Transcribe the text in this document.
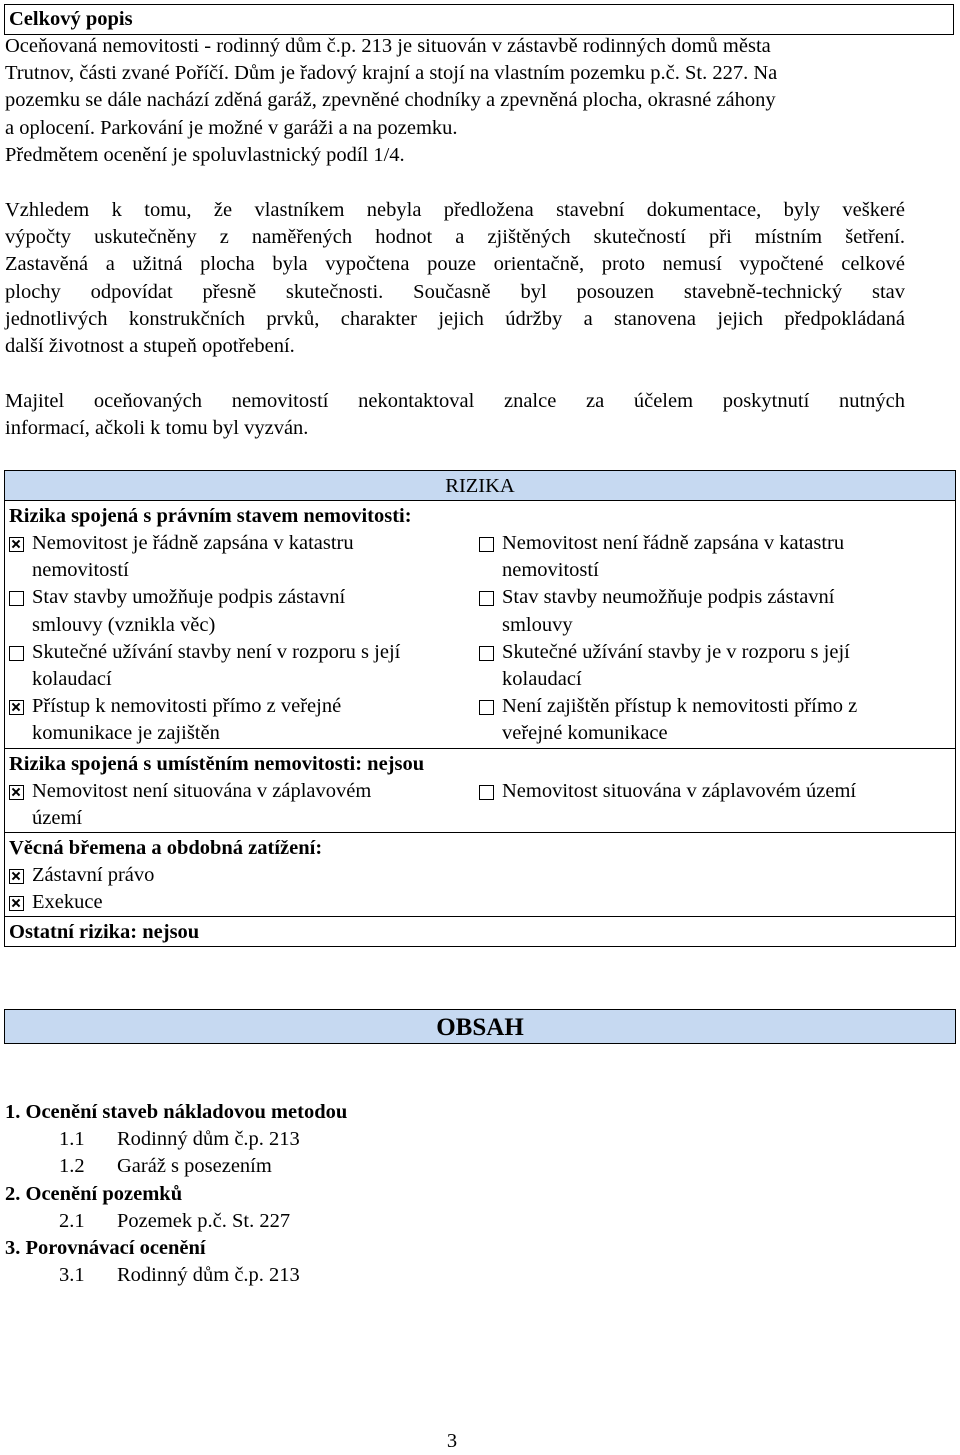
Celkový popis
Oceňovaná nemovitosti - rodinný dům č.p. 213 je situován v zástavbě rodinných domů města
Trutnov, části zvané Poříčí. Dům je řadový krajní a stojí na vlastním pozemku p.č. St. 227. Na
pozemku se dále nachází zděná garáž, zpevněné chodníky a zpevněná plocha, okrasné záhony
a oplocení. Parkování je možné v garáži a na pozemku.
Předmětem ocenění je spoluvlastnický podíl 1/4.
Vzhledem k tomu, že vlastníkem nebyla předložena stavební dokumentace, byly veškeré
výpočty uskutečněny z naměřených hodnot a zjištěných skutečností při místním šetření.
Zastavěná a užitná plocha byla vypočtena pouze orientačně, proto nemusí vypočtené celkové
plochy odpovídat přesně skutečnosti. Současně byl posouzen stavebně-technický stav
jednotlivých konstrukčních prvků, charakter jejich údržby a stanovena jejich předpokládaná
další životnost a stupeň opotřebení.
Majitel oceňovaných nemovitostí nekontaktoval znalce za účelem poskytnutí nutných
informací, ačkoli k tomu byl vyzván.
RIZIKA
Rizika spojená s právním stavem nemovitosti:
Nemovitost je řádně zapsána v katastru
nemovitostí
Nemovitost není řádně zapsána v katastru
nemovitostí
Stav stavby umožňuje podpis zástavní
smlouvy (vznikla věc)
Stav stavby neumožňuje podpis zástavní
smlouvy
Skutečné užívání stavby není v rozporu s její
kolaudací
Skutečné užívání stavby je v rozporu s její
kolaudací
Přístup k nemovitosti přímo z veřejné
komunikace je zajištěn
Není zajištěn přístup k nemovitosti přímo z
veřejné komunikace
Rizika spojená s umístěním nemovitosti: nejsou
Nemovitost není situována v záplavovém
území
Nemovitost situována v záplavovém území
Věcná břemena a obdobná zatížení:
Zástavní právo
Exekuce
Ostatní rizika: nejsou
OBSAH
1. Ocenění staveb nákladovou metodou
1.1 Rodinný dům č.p. 213
1.2 Garáž s posezením
2. Ocenění pozemků
2.1 Pozemek p.č. St. 227
3. Porovnávací ocenění
3.1 Rodinný dům č.p. 213
3
